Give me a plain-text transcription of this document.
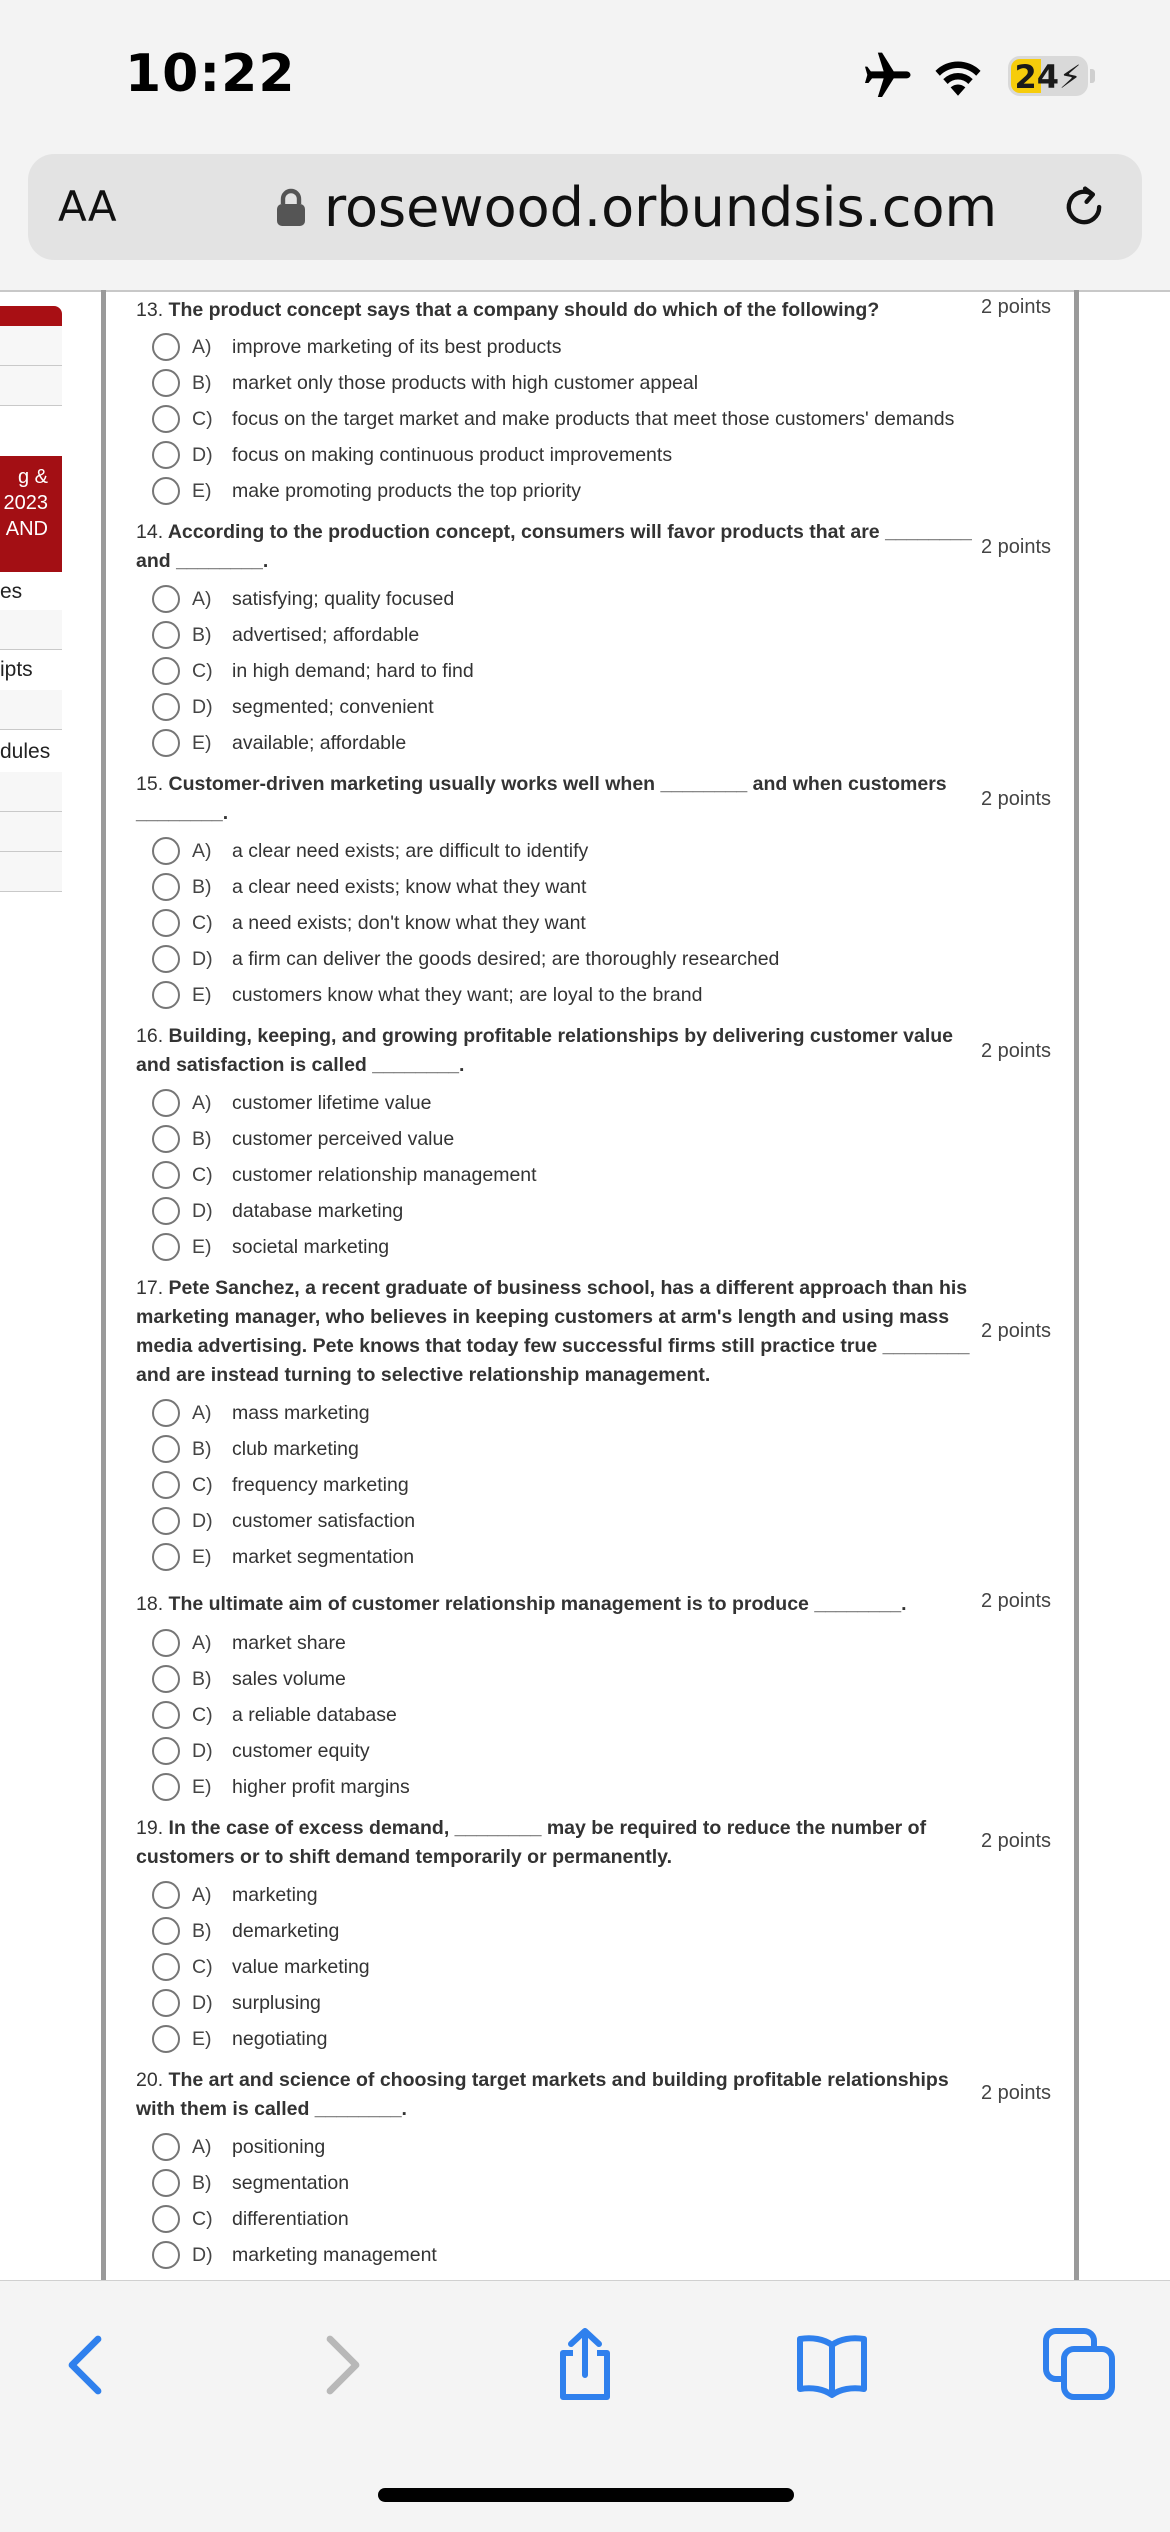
10:22	24⚡
AA	rosewood.orbundsis.com
g &
2023
AND
es
ipts
dules
13. The product concept says that a company should do which of the following?	2 points
A)	improve marketing of its best products
B)	market only those products with high customer appeal
C) focus on the target market and make products that meet those customers' demands
D) focus on making continuous product improvements
E)	make promoting products the top priority
14. According to the production concept, consumers will favor products that are ________ and ________.
2 points
A)	satisfying; quality focused
B)	advertised; affordable
C) in high demand; hard to find
D) segmented; convenient
E)	available; affordable
15. Customer-driven marketing usually works well when ________ and when customers ________.
2 points
A)	a clear need exists; are difficult to identify
B)	a clear need exists; know what they want
C) a need exists; don't know what they want
D) a firm can deliver the goods desired; are thoroughly researched
E)	customers know what they want; are loyal to the brand
16. Building, keeping, and growing profitable relationships by delivering customer value and satisfaction is called ________.
2 points
A)	customer lifetime value
B)	customer perceived value
C) customer relationship management
D) database marketing
E)	societal marketing
17. Pete Sanchez, a recent graduate of business school, has a different approach than his marketing manager, who believes in keeping customers at arm's length and using mass media advertising. Pete knows that today few successful firms still practice true ________ and are instead turning to selective relationship management.
2 points
A)	mass marketing
B)	club marketing
C) frequency marketing
D) customer satisfaction
E)	market segmentation
18. The ultimate aim of customer relationship management is to produce ________.	2 points
A)	market share
B)	sales volume
C) a reliable database
D) customer equity
E)	higher profit margins
19. In the case of excess demand, ________ may be required to reduce the number of customers or to shift demand temporarily or permanently.
2 points
A)	marketing
B)	demarketing
C) value marketing
D) surplusing
E)	negotiating
20. The art and science of choosing target markets and building profitable relationships with them is called ________.
2 points
A)	positioning
B)	segmentation
C) differentiation
D) marketing management
